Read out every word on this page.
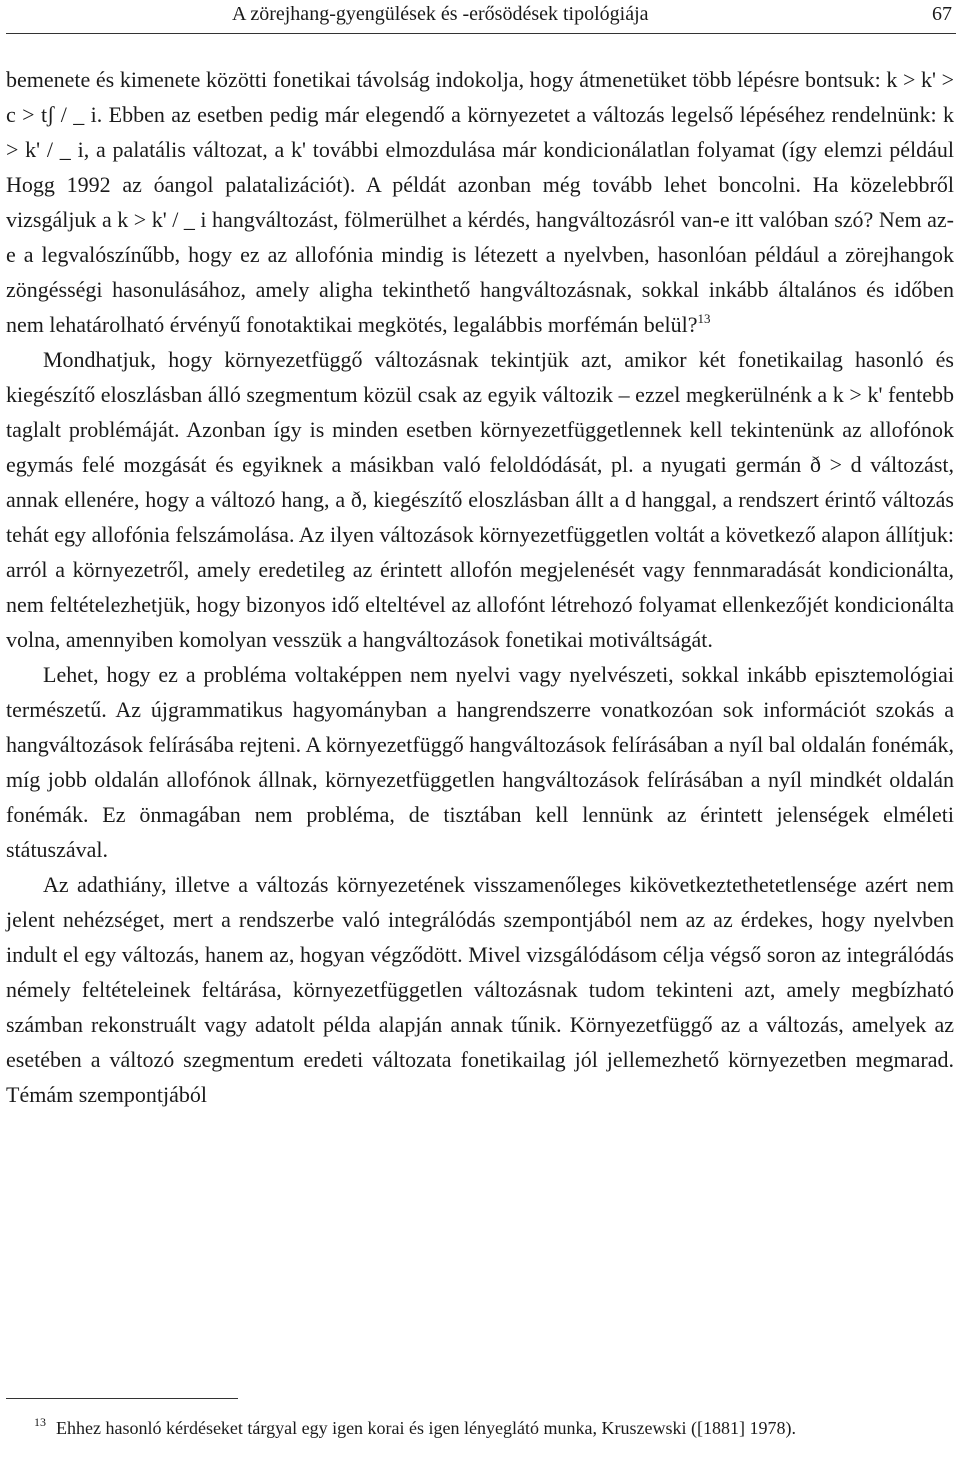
A zörejhang-gyengülések és -erősödések tipológiája	67

bemenete és kimenete közötti fonetikai távolság indokolja, hogy átmenetüket több lépésre bontsuk: k > k' > c > tʃ / _ i. Ebben az esetben pedig már elegendő a környezetet a változás legelső lépéséhez rendelnünk: k > k' / _ i, a palatális változat, a k' további elmozdulása már kondicionálatlan folyamat (így elemzi például Hogg 1992 az óangol palatalizációt). A példát azonban még tovább lehet boncolni. Ha közelebbről vizsgáljuk a k > k' / _ i hangváltozást, fölmerülhet a kérdés, hangváltozásról van-e itt valóban szó? Nem az-e a legvalószínűbb, hogy ez az allofónia mindig is létezett a nyelvben, hasonlóan például a zörejhangok zöngésségi hasonulásához, amely aligha tekinthető hangváltozásnak, sokkal inkább általános és időben nem lehatárolható érvényű fonotaktikai megkötés, legalábbis morfémán belül?$^{13}$

Mondhatjuk, hogy környezetfüggő változásnak tekintjük azt, amikor két fonetikailag hasonló és kiegészítő eloszlásban álló szegmentum közül csak az egyik változik – ezzel megkerülnénk a k > k' fentebb taglalt problémáját. Azonban így is minden esetben környezetfüggetlennek kell tekintenünk az allofónok egymás felé mozgását és egyiknek a másikban való feloldódását, pl. a nyugati germán ð > d változást, annak ellenére, hogy a változó hang, a ð, kiegészítő eloszlásban állt a d hanggal, a rendszert érintő változás tehát egy allofónia felszámolása. Az ilyen változások környezetfüggetlen voltát a következő alapon állítjuk: arról a környezetről, amely eredetileg az érintett allofón megjelenését vagy fennmaradását kondicionálta, nem feltételezhetjük, hogy bizonyos idő elteltével az allofónt létrehozó folyamat ellenkezőjét kondicionálta volna, amennyiben komolyan vesszük a hangváltozások fonetikai motiváltságát.

Lehet, hogy ez a probléma voltaképpen nem nyelvi vagy nyelvészeti, sokkal inkább episztemológiai természetű. Az újgrammatikus hagyományban a hangrendszerre vonatkozóan sok információt szokás a hangváltozások felírásába rejteni. A környezetfüggő hangváltozások felírásában a nyíl bal oldalán fonémák, míg jobb oldalán allofónok állnak, környezetfüggetlen hangváltozások felírásában a nyíl mindkét oldalán fonémák. Ez önmagában nem probléma, de tisztában kell lennünk az érintett jelenségek elméleti státuszával.

Az adathiány, illetve a változás környezetének visszamenőleges kikövetkeztethetetlensége azért nem jelent nehézséget, mert a rendszerbe való integrálódás szempontjából nem az az érdekes, hogy nyelvben indult el egy változás, hanem az, hogyan végződött. Mivel vizsgálódásom célja végső soron az integrálódás némely feltételeinek feltárása, környezetfüggetlen változásnak tudom tekinteni azt, amely megbízható számban rekonstruált vagy adatolt példa alapján annak tűnik. Környezetfüggő az a változás, amelyek az esetében a változó szegmentum eredeti változata fonetikailag jól jellemezhető környezetben megmarad. Témám szempontjából

$^{13}$ Ehhez hasonló kérdéseket tárgyal egy igen korai és igen lényeglátó munka, Kruszewski ([1881] 1978).
